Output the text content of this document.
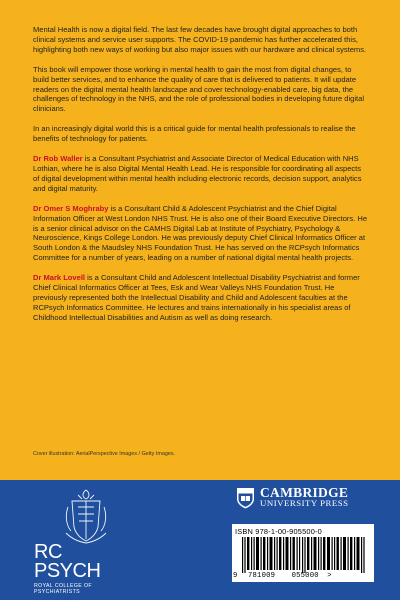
Mental Health is now a digital field. The last few decades have brought digital approaches to both clinical systems and service user supports. The COVID-19 pandemic has further accelerated this, highlighting both new ways of working but also major issues with our hardware and clinical systems.

This book will empower those working in mental health to gain the most from digital changes, to build better services, and to enhance the quality of care that is delivered to patients. It will update readers on the digital mental health landscape and cover technology-enabled care, big data, the challenges of technology in the NHS, and the role of professional bodies in developing future digital clinicians.

In an increasingly digital world this is a critical guide for mental health professionals to realise the benefits of technology for patients.

Dr Rob Waller is a Consultant Psychiatrist and Associate Director of Medical Education with NHS Lothian, where he is also Digital Mental Health Lead. He is responsible for coordinating all aspects of digital development within mental health including electronic records, decision support, analytics and digital maturity.

Dr Omer S Moghraby is a Consultant Child & Adolescent Psychiatrist and the Chief Digital Information Officer at West London NHS Trust. He is also one of their Board Executive Directors. He is a senior clinical advisor on the CAMHS Digital Lab at Institute of Psychiatry, Psychology & Neuroscience, Kings College London. He was previously deputy Chief Clinical Informatics Officer at South London & the Maudsley NHS Foundation Trust. He has served on the RCPsych Informatics Committee for a number of years, leading on a number of national digital mental health projects.

Dr Mark Lovell is a Consultant Child and Adolescent Intellectual Disability Psychiatrist and former Chief Clinical Informatics Officer at Tees, Esk and Wear Valleys NHS Foundation Trust. He previously represented both the Intellectual Disability and Child and Adolescent faculties at the RCPsych Informatics Committee. He lectures and trains internationally in his specialist areas of Childhood Intellectual Disabilities and Autism as well as doing research.

Cover illustration: AerialPerspective Images / Getty Images.
RC
PSYCH
ROYAL COLLEGE OF
PSYCHIATRISTS
CAMBRIDGE
UNIVERSITY PRESS
ISBN 978-1-00-905500-0
9 781009 055000 >
